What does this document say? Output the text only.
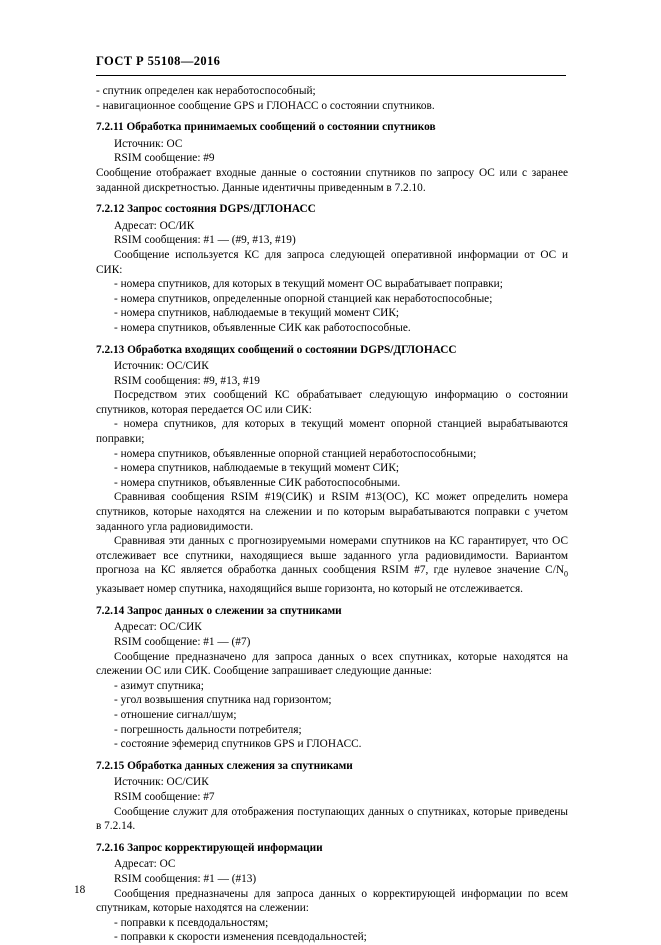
ГОСТ Р 55108—2016

- спутник определен как неработоспособный;

- навигационное сообщение GPS и ГЛОНАСС о состоянии спутников.

7.2.11 Обработка принимаемых сообщений о состоянии спутников

Источник: ОС

RSIM сообщение: #9

Сообщение отображает входные данные о состоянии спутников по запросу ОС или с заранее заданной дискретностью. Данные идентичны приведенным в 7.2.10.

7.2.12 Запрос состояния DGPS/ДГЛОНАСС

Адресат: ОС/ИК

RSIM сообщения: #1 — (#9, #13, #19)

Сообщение используется КС для запроса следующей оперативной информации от ОС и СИК:

- номера спутников, для которых в текущий момент ОС вырабатывает поправки;

- номера спутников, определенные опорной станцией как неработоспособные;

- номера спутников, наблюдаемые в текущий момент СИК;

- номера спутников, объявленные СИК как работоспособные.

7.2.13 Обработка входящих сообщений о состоянии DGPS/ДГЛОНАСС

Источник: ОС/СИК

RSIM сообщения: #9, #13, #19

Посредством этих сообщений КС обрабатывает следующую информацию о состоянии спутников, которая передается ОС или СИК:

- номера спутников, для которых в текущий момент опорной станцией вырабатываются поправки;

- номера спутников, объявленные опорной станцией неработоспособными;

- номера спутников, наблюдаемые в текущий момент СИК;

- номера спутников, объявленные СИК работоспособными.

Сравнивая сообщения RSIM #19(СИК) и RSIM #13(ОС), КС может определить номера спутников, которые находятся на слежении и по которым вырабатываются поправки с учетом заданного угла радиовидимости.

Сравнивая эти данных с прогнозируемыми номерами спутников на КС гарантирует, что ОС отслеживает все спутники, находящиеся выше заданного угла радиовидимости. Вариантом прогноза на КС является обработка данных сообщения RSIM #7, где нулевое значение $C/N_0$ указывает номер спутника, находящийся выше горизонта, но который не отслеживается.

7.2.14 Запрос данных о слежении за спутниками

Адресат: ОС/СИК

RSIM сообщение: #1 — (#7)

Сообщение предназначено для запроса данных о всех спутниках, которые находятся на слежении ОС или СИК. Сообщение запрашивает следующие данные:

- азимут спутника;

- угол возвышения спутника над горизонтом;

- отношение сигнал/шум;

- погрешность дальности потребителя;

- состояние эфемерид спутников GPS и ГЛОНАСС.

7.2.15 Обработка данных слежения за спутниками

Источник: ОС/СИК

RSIM сообщение: #7

Сообщение служит для отображения поступающих данных о спутниках, которые приведены в 7.2.14.

7.2.16 Запрос корректирующей информации

Адресат: ОС

RSIM сообщения: #1 — (#13)

Сообщения предназначены для запроса данных о корректирующей информации по всем спутникам, которые находятся на слежении:

- поправки к псевдодальностям;

- поправки к скорости изменения псевдодальностей;

18
